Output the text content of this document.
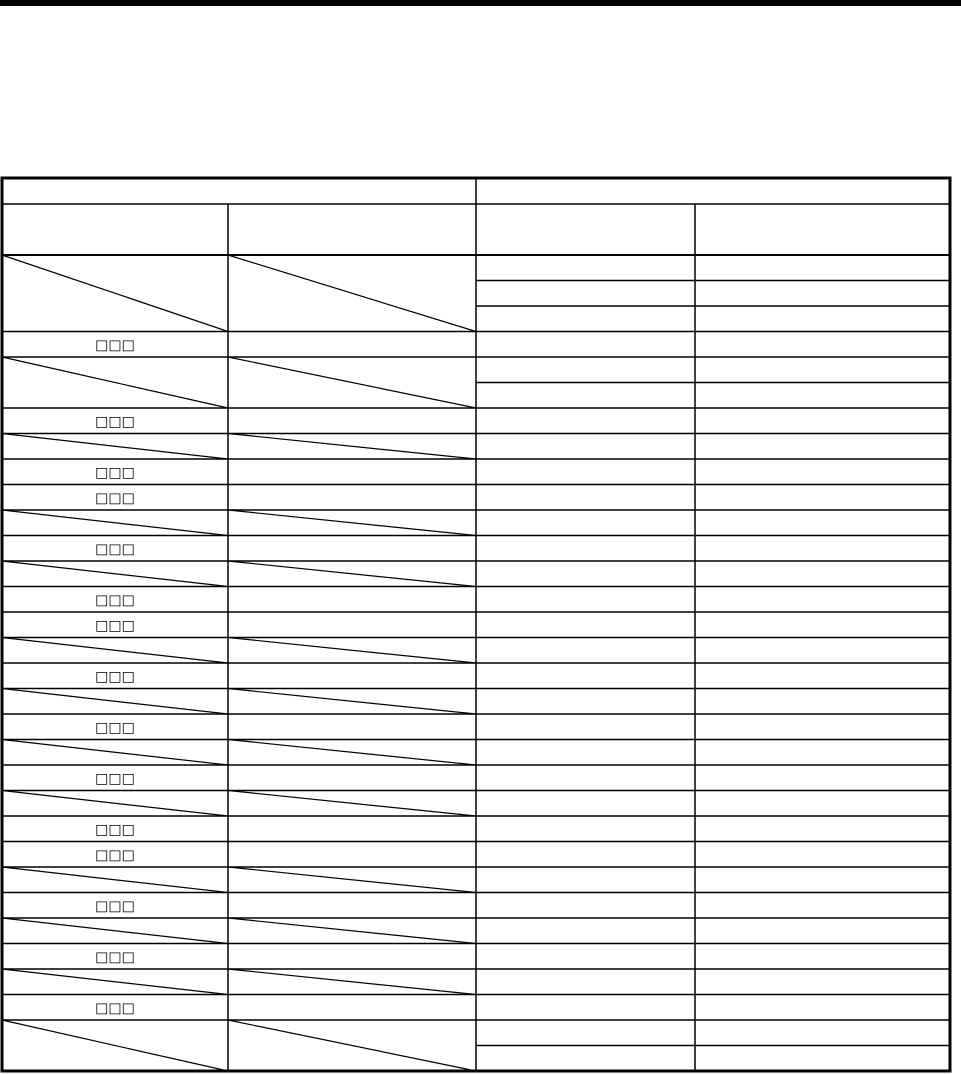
□□□
□□□
□□□
□□□
□□□
□□□
□□□
□□□
□□□
□□□
□□□
□□□
□□□
□□□
□□□
